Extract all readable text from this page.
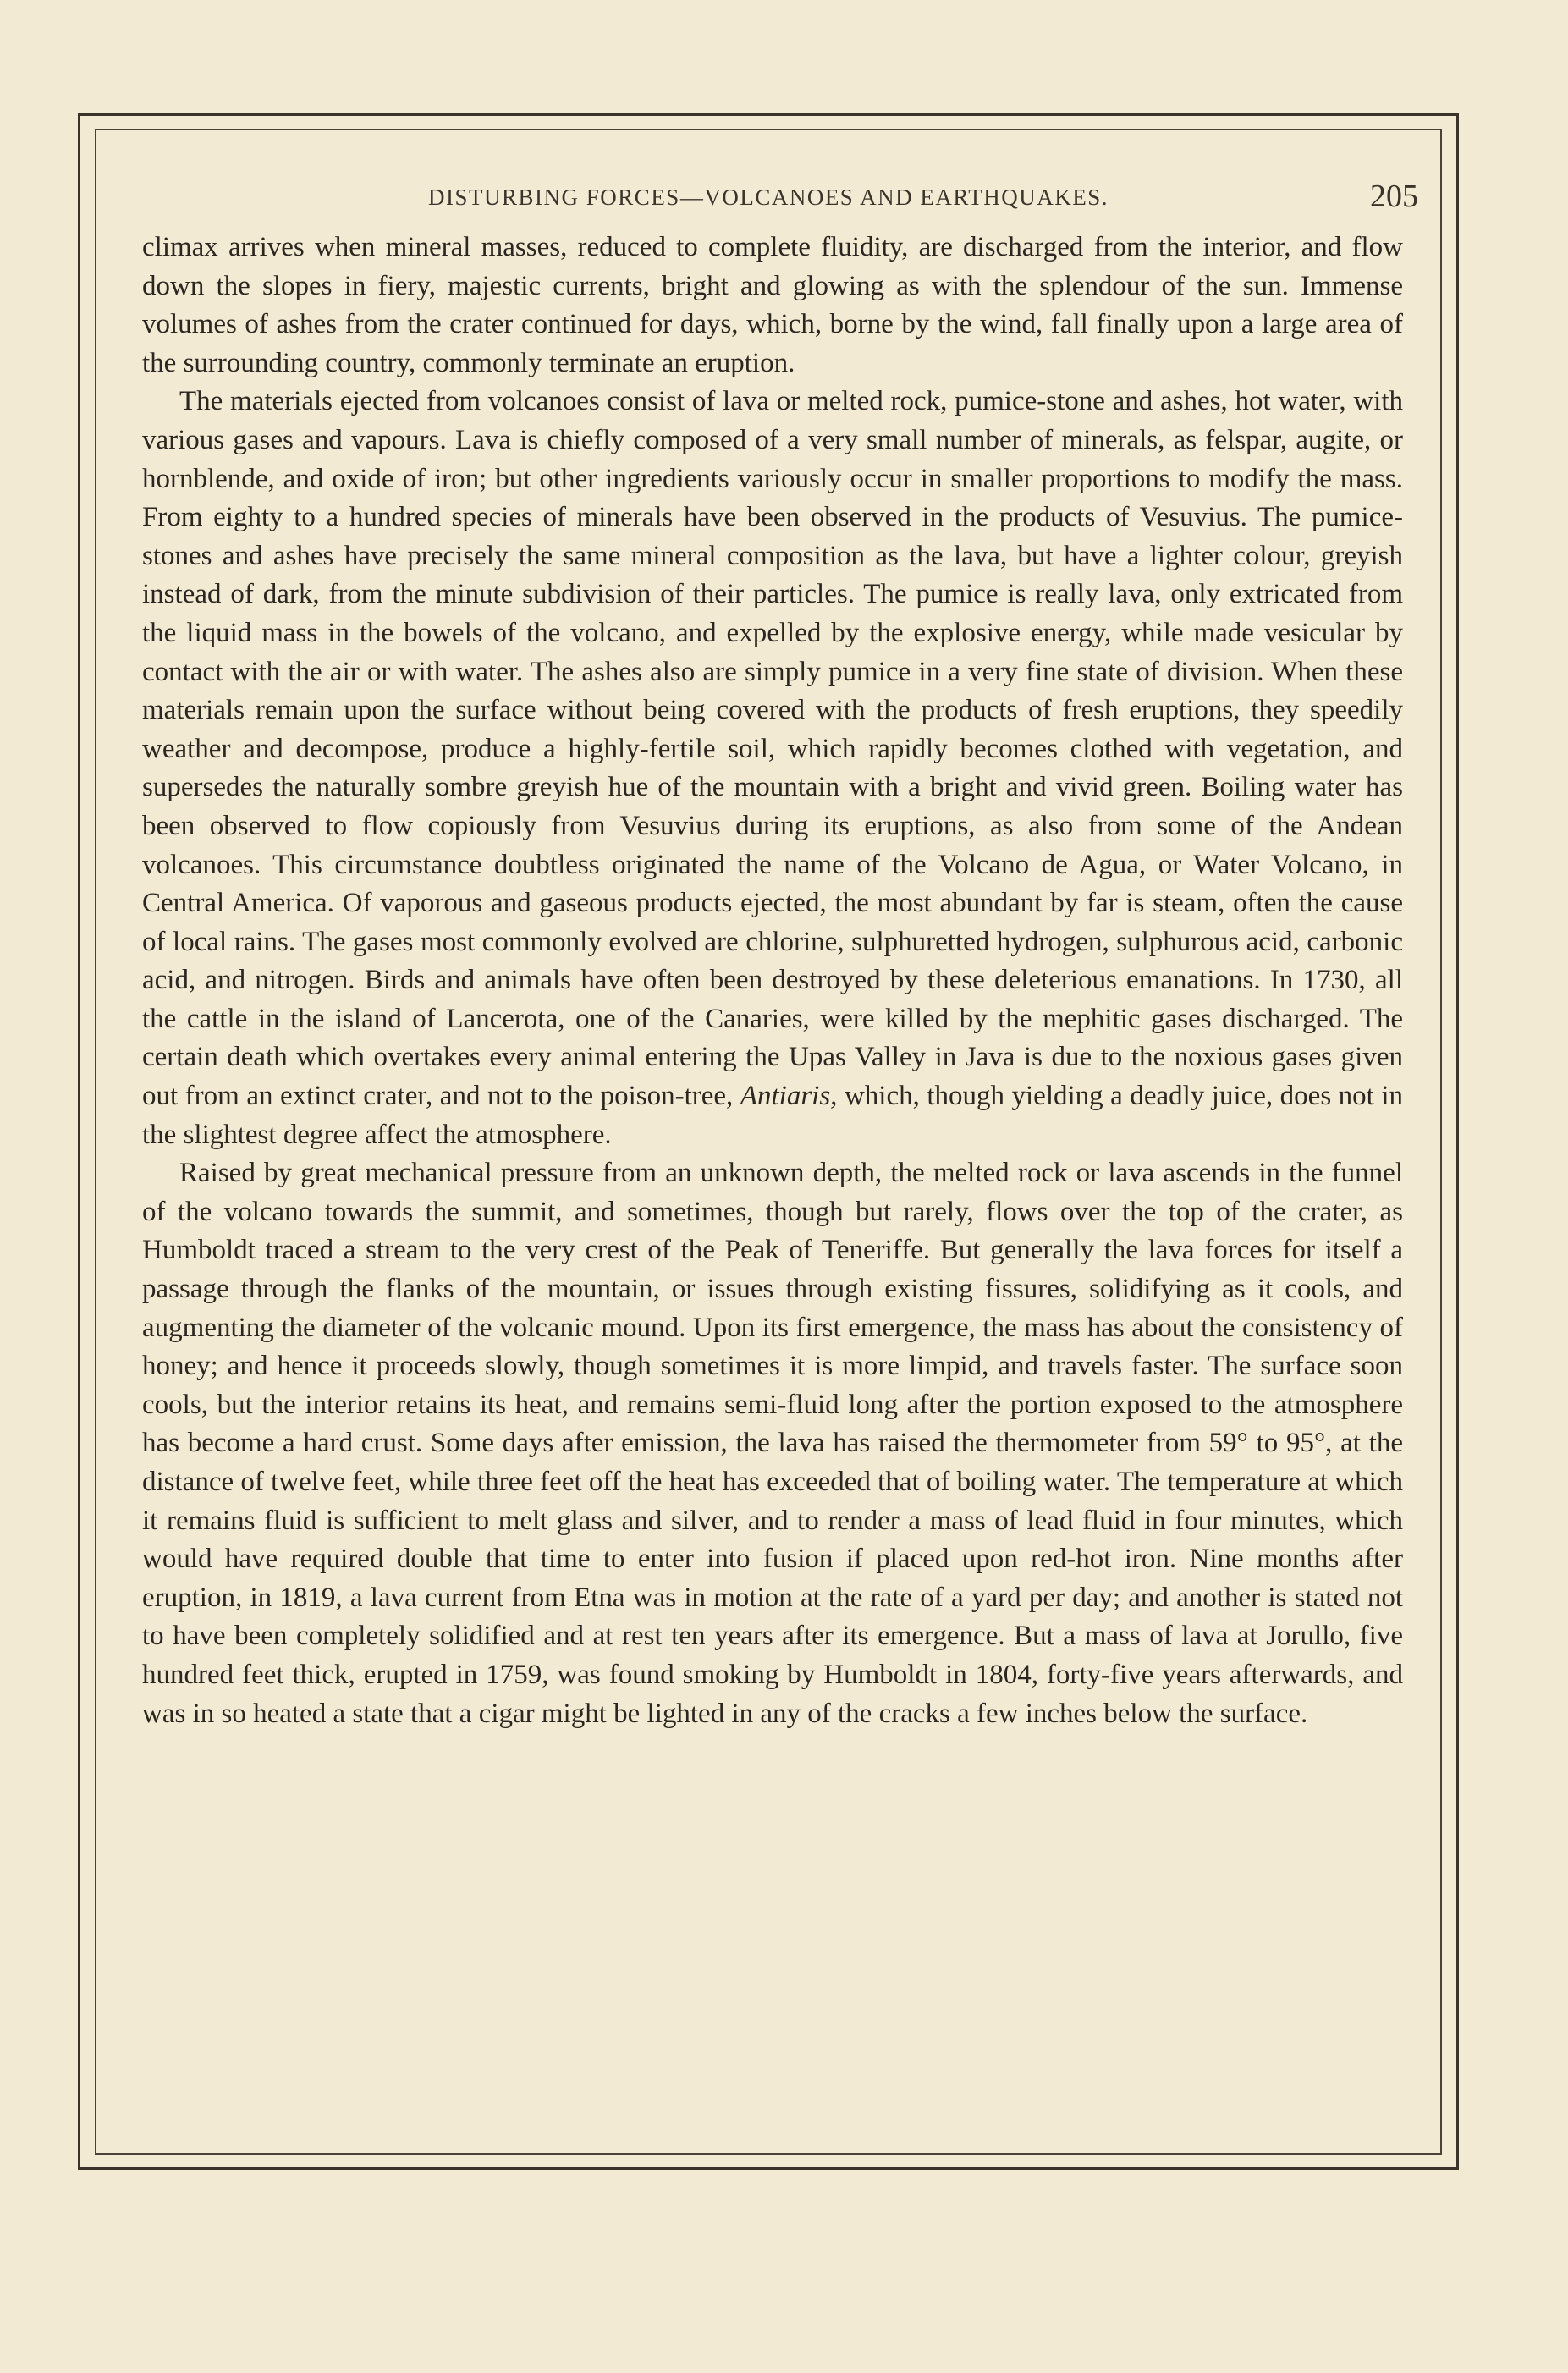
DISTURBING FORCES—VOLCANOES AND EARTHQUAKES.	205

climax arrives when mineral masses, reduced to complete fluidity, are discharged from the interior, and flow down the slopes in fiery, majestic currents, bright and glowing as with the splendour of the sun. Immense volumes of ashes from the crater continued for days, which, borne by the wind, fall finally upon a large area of the surrounding country, commonly terminate an eruption.

The materials ejected from volcanoes consist of lava or melted rock, pumice-stone and ashes, hot water, with various gases and vapours. Lava is chiefly composed of a very small number of minerals, as felspar, augite, or hornblende, and oxide of iron; but other ingredients variously occur in smaller proportions to modify the mass. From eighty to a hundred species of minerals have been observed in the products of Vesuvius. The pumice-stones and ashes have precisely the same mineral composition as the lava, but have a lighter colour, greyish instead of dark, from the minute subdivision of their particles. The pumice is really lava, only extricated from the liquid mass in the bowels of the volcano, and expelled by the explosive energy, while made vesicular by contact with the air or with water. The ashes also are simply pumice in a very fine state of division. When these materials remain upon the surface without being covered with the products of fresh eruptions, they speedily weather and decompose, produce a highly-fertile soil, which rapidly becomes clothed with vegetation, and supersedes the naturally sombre greyish hue of the mountain with a bright and vivid green. Boiling water has been observed to flow copiously from Vesuvius during its eruptions, as also from some of the Andean volcanoes. This circumstance doubtless originated the name of the Volcano de Agua, or Water Volcano, in Central America. Of vaporous and gaseous products ejected, the most abundant by far is steam, often the cause of local rains. The gases most commonly evolved are chlorine, sulphuretted hydrogen, sulphurous acid, carbonic acid, and nitrogen. Birds and animals have often been destroyed by these deleterious emanations. In 1730, all the cattle in the island of Lancerota, one of the Canaries, were killed by the mephitic gases discharged. The certain death which overtakes every animal entering the Upas Valley in Java is due to the noxious gases given out from an extinct crater, and not to the poison-tree, Antiaris, which, though yielding a deadly juice, does not in the slightest degree affect the atmosphere.

Raised by great mechanical pressure from an unknown depth, the melted rock or lava ascends in the funnel of the volcano towards the summit, and sometimes, though but rarely, flows over the top of the crater, as Humboldt traced a stream to the very crest of the Peak of Teneriffe. But generally the lava forces for itself a passage through the flanks of the mountain, or issues through existing fissures, solidifying as it cools, and augmenting the diameter of the volcanic mound. Upon its first emergence, the mass has about the consistency of honey; and hence it proceeds slowly, though sometimes it is more limpid, and travels faster. The surface soon cools, but the interior retains its heat, and remains semi-fluid long after the portion exposed to the atmosphere has become a hard crust. Some days after emission, the lava has raised the thermometer from 59° to 95°, at the distance of twelve feet, while three feet off the heat has exceeded that of boiling water. The temperature at which it remains fluid is sufficient to melt glass and silver, and to render a mass of lead fluid in four minutes, which would have required double that time to enter into fusion if placed upon red-hot iron. Nine months after eruption, in 1819, a lava current from Etna was in motion at the rate of a yard per day; and another is stated not to have been completely solidified and at rest ten years after its emergence. But a mass of lava at Jorullo, five hundred feet thick, erupted in 1759, was found smoking by Humboldt in 1804, forty-five years afterwards, and was in so heated a state that a cigar might be lighted in any of the cracks a few inches below the surface.
